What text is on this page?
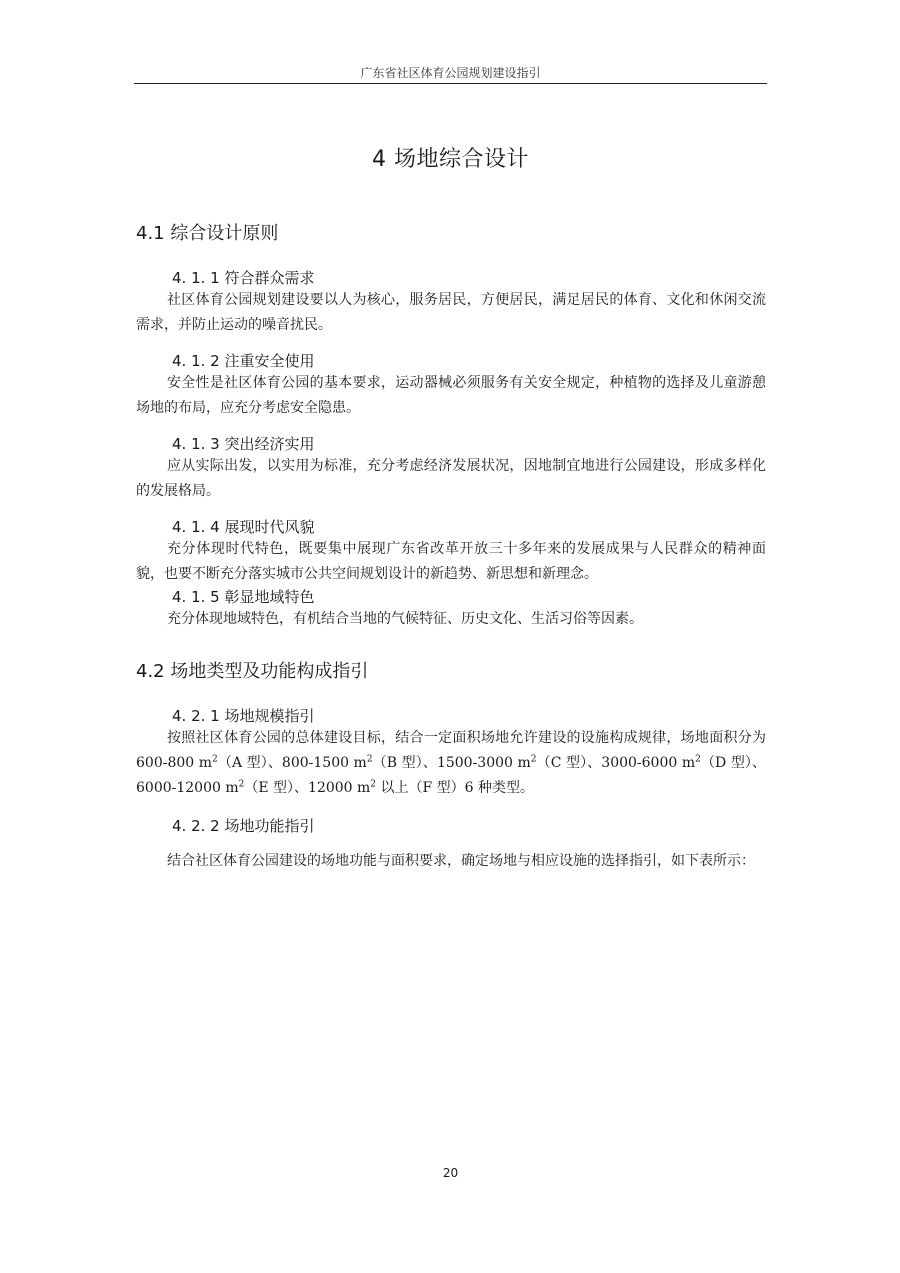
广东省社区体育公园规划建设指引
4 场地综合设计
4.1 综合设计原则
4. 1. 1 符合群众需求

社区体育公园规划建设要以人为核心，服务居民，方便居民，满足居民的体育、文化和休闲交流需求，并防止运动的噪音扰民。

4. 1. 2 注重安全使用

安全性是社区体育公园的基本要求，运动器械必须服务有关安全规定，种植物的选择及儿童游憩场地的布局，应充分考虑安全隐患。

4. 1. 3 突出经济实用

应从实际出发，以实用为标准，充分考虑经济发展状况，因地制宜地进行公园建设，形成多样化的发展格局。

4. 1. 4 展现时代风貌

充分体现时代特色，既要集中展现广东省改革开放三十多年来的发展成果与人民群众的精神面貌，也要不断充分落实城市公共空间规划设计的新趋势、新思想和新理念。

4. 1. 5 彰显地域特色

充分体现地域特色，有机结合当地的气候特征、历史文化、生活习俗等因素。

4.2 场地类型及功能构成指引
4. 2. 1 场地规模指引

按照社区体育公园的总体建设目标，结合一定面积场地允许建设的设施构成规律，场地面积分为 600-800 $m^2(A$ 型）、800-1500 $m^2(B$ 型）、1500-3000 $m^2(C$ 型）、3000-6000 $m^2(D$ 型）、6000-12000 $m^2(E$ 型）、12000 $m^2$ 以上（F 型）6 种类型。

4. 2. 2 场地功能指引

结合社区体育公园建设的场地功能与面积要求，确定场地与相应设施的选择指引，如下表所示：

20
